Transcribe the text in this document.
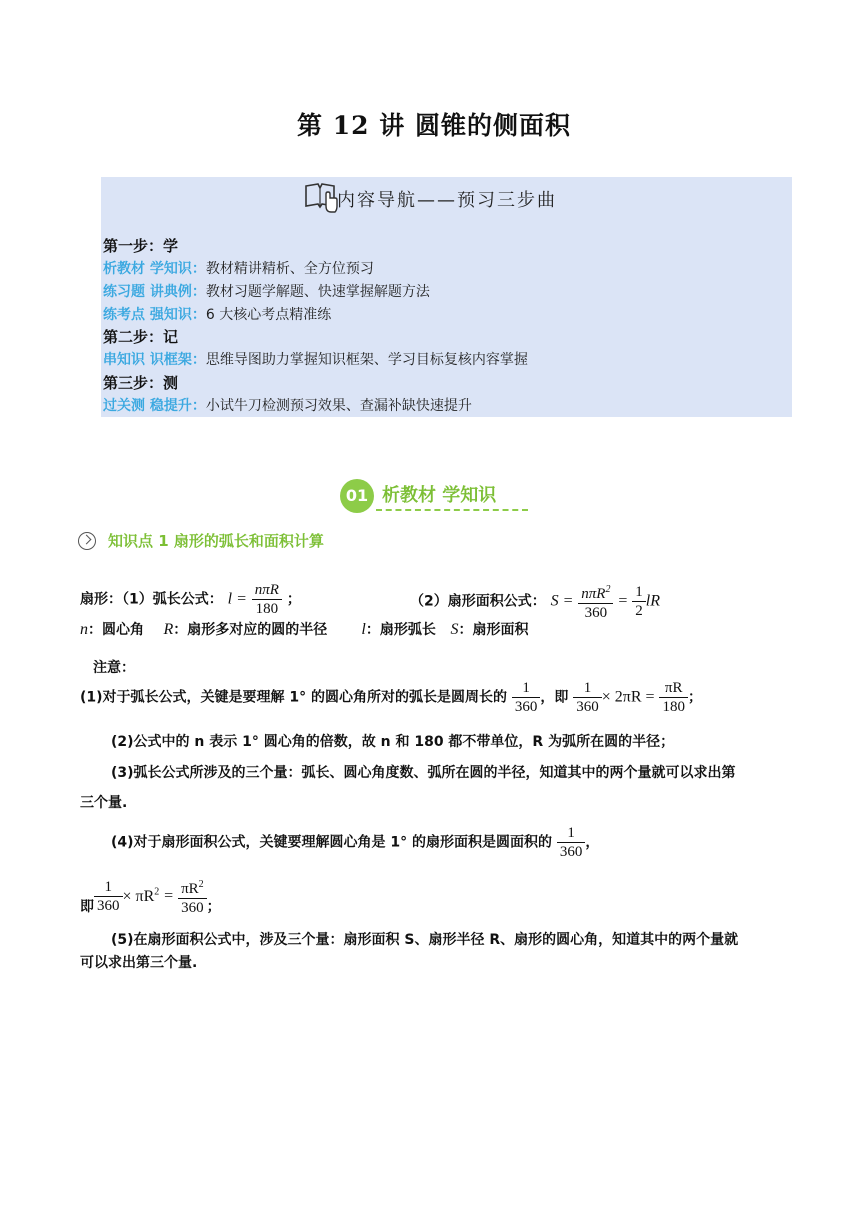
第 12 讲 圆锥的侧面积
内容导航——预习三步曲
第一步：学
析教材 学知识：教材精讲精析、全方位预习
练习题 讲典例：教材习题学解题、快速掌握解题方法
练考点 强知识：6 大核心考点精准练
第二步：记
串知识 识框架：思维导图助力掌握知识框架、学习目标复核内容掌握
第三步：测
过关测 稳提升：小试牛刀检测预习效果、查漏补缺快速提升
01 析教材 学知识
知识点 1 扇形的弧长和面积计算
扇形：（1）弧长公式： $l = \frac{\text{nπR}}{180}$ ；	（2）扇形面积公式： $S = \frac{n\pi R^2}{360} = \frac{1}{2}$ lR
n：圆心角 R：扇形多对应的圆的半径 l：扇形弧长 S：扇形面积
注意：
(1)对于弧长公式，关键是要理解 1° 的圆心角所对的弧长是圆周长的 $\frac{1}{360}$ ，即 $\frac{1}{360} \times 2\pi R = \frac{\pi R}{180}$ ；
(2)公式中的 n 表示 1° 圆心角的倍数，故 n 和 180 都不带单位，R 为弧所在圆的半径；
(3)弧长公式所涉及的三个量：弧长、圆心角度数、弧所在圆的半径，知道其中的两个量就可以求出第
三个量.
(4)对于扇形面积公式，关键要理解圆心角是 1° 的扇形面积是圆面积的 $\frac{1}{360}$ ，
即 $\frac{1}{360} \times \pi R^2 = \frac{\pi R^2}{360}$ ；
(5)在扇形面积公式中，涉及三个量：扇形面积 S、扇形半径 R、扇形的圆心角，知道其中的两个量就
可以求出第三个量.
